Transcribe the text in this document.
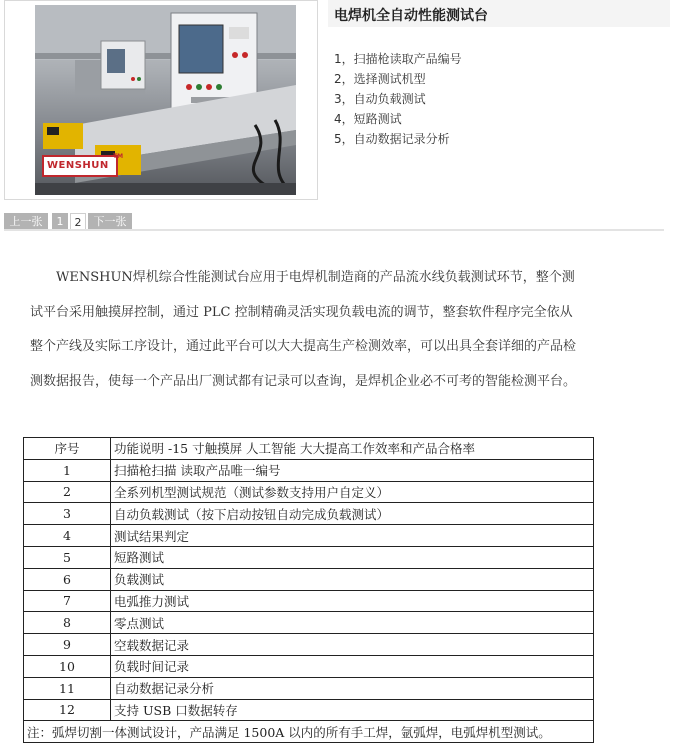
WENSHUN
TM
电焊机全自动性能测试台
1，扫描枪读取产品编号
2，选择测试机型
3，自动负载测试
4，短路测试
5，自动数据记录分析
上一张	1	2	下一张

WENSHUN焊机综合性能测试台应用于电焊机制造商的产品流水线负载测试环节，整个测试平台采用触摸屏控制，通过 PLC 控制精确灵活实现负载电流的调节，整套软件程序完全依从整个产线及实际工序设计，通过此平台可以大大提高生产检测效率，可以出具全套详细的产品检测数据报告，使每一个产品出厂测试都有记录可以查询，是焊机企业必不可考的智能检测平台。

序号	功能说明 -15 寸触摸屏 人工智能 大大提高工作效率和产品合格率
1	扫描枪扫描 读取产品唯一编号
2	全系列机型测试规范（测试参数支持用户自定义）
3	自动负载测试（按下启动按钮自动完成负载测试）
4	测试结果判定
5	短路测试
6	负载测试
7	电弧推力测试
8	零点测试
9	空载数据记录
10	负载时间记录
11	自动数据记录分析
12	支持 USB 口数据转存
注：弧焊切割一体测试设计，产品满足 1500A 以内的所有手工焊，氩弧焊，电弧焊机型测试。	
